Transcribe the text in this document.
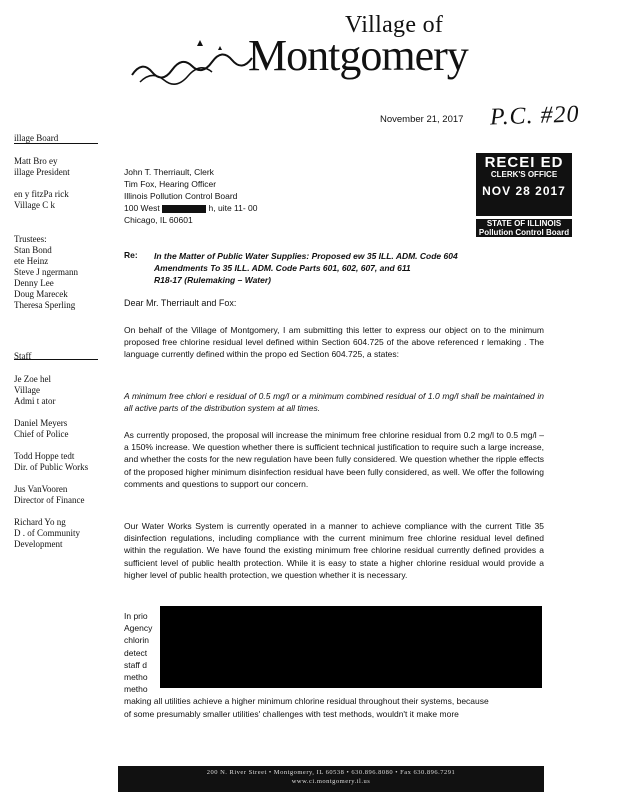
Village of
Montgomery
November 21, 2017 P.C. #20
illage Board

Matt Bro ey

illage President

en y fitzPa rick

Village C k

Trustees:

Stan Bond

ete Heinz

Steve J ngermann

Denny Lee

Doug Marecek

Theresa Sperling

Staff

Je Zoe hel

Village

Admi t ator

Daniel Meyers

Chief of Police

Todd Hoppe tedt

Dir. of Public Works

Jus VanVooren

Director of Finance

Richard Yo ng

D . of Community

Development

John T. Therriault, Clerk

Tim Fox, Hearing Officer

Illinois Pollution Control Board

100 West	h, uite 11- 00

Chicago, IL 60601

RECEI ED
CLERK'S OFFICE
NOV 28 2017
STATE OF ILLINOIS
Pollution Control Board
Re: In the Matter of Public Water Supplies: Proposed ew 35 ILL. ADM. Code 604

Amendments To 35 ILL. ADM. Code Parts 601, 602, 607, and 611

R18-17 (Rulemaking – Water)

Dear Mr. Therriault and Fox:
On behalf of the Village of Montgomery, I am submitting this letter to express our object on to the minimum proposed free chlorine residual level defined within Section 604.725 of the above referenced r lemaking . The language currently defined within the propo ed Section 604.725, a states:
A minimum free chlori e residual of 0.5 mg/l or a minimum combined residual of 1.0 mg/l shall be maintained in all active parts of the distribution system at all times.
As currently proposed, the proposal will increase the minimum free chlorine residual from 0.2 mg/l to 0.5 mg/l – a 150% increase. We question whether there is sufficient technical justification to require such a large increase, and whether the costs for the new regulation have been fully considered. We question whether the ripple effects of the proposed higher minimum disinfection residual have been fully considered, as well. We offer the following comments and questions to support our concern.
Our Water Works System is currently operated in a manner to achieve compliance with the current Title 35 disinfection regulations, including compliance with the current minimum free chlorine residual level defined within the regulation. We have found the existing minimum free chlorine residual currently defined provides a sufficient level of public health protection. While it is easy to state a higher chlorine residual would provide a higher level of public health protection, we question whether it is necessary.

In prio

Agency

chlorin

detect

staff d

metho

metho

making all utilities achieve a higher minimum chlorine residual throughout their systems, because

of some presumably smaller utilities' challenges with test methods, wouldn't it make more

200 N. River Street • Montgomery, IL 60538 • 630.896.8080 • Fax 630.896.7291
www.ci.montgomery.il.us
